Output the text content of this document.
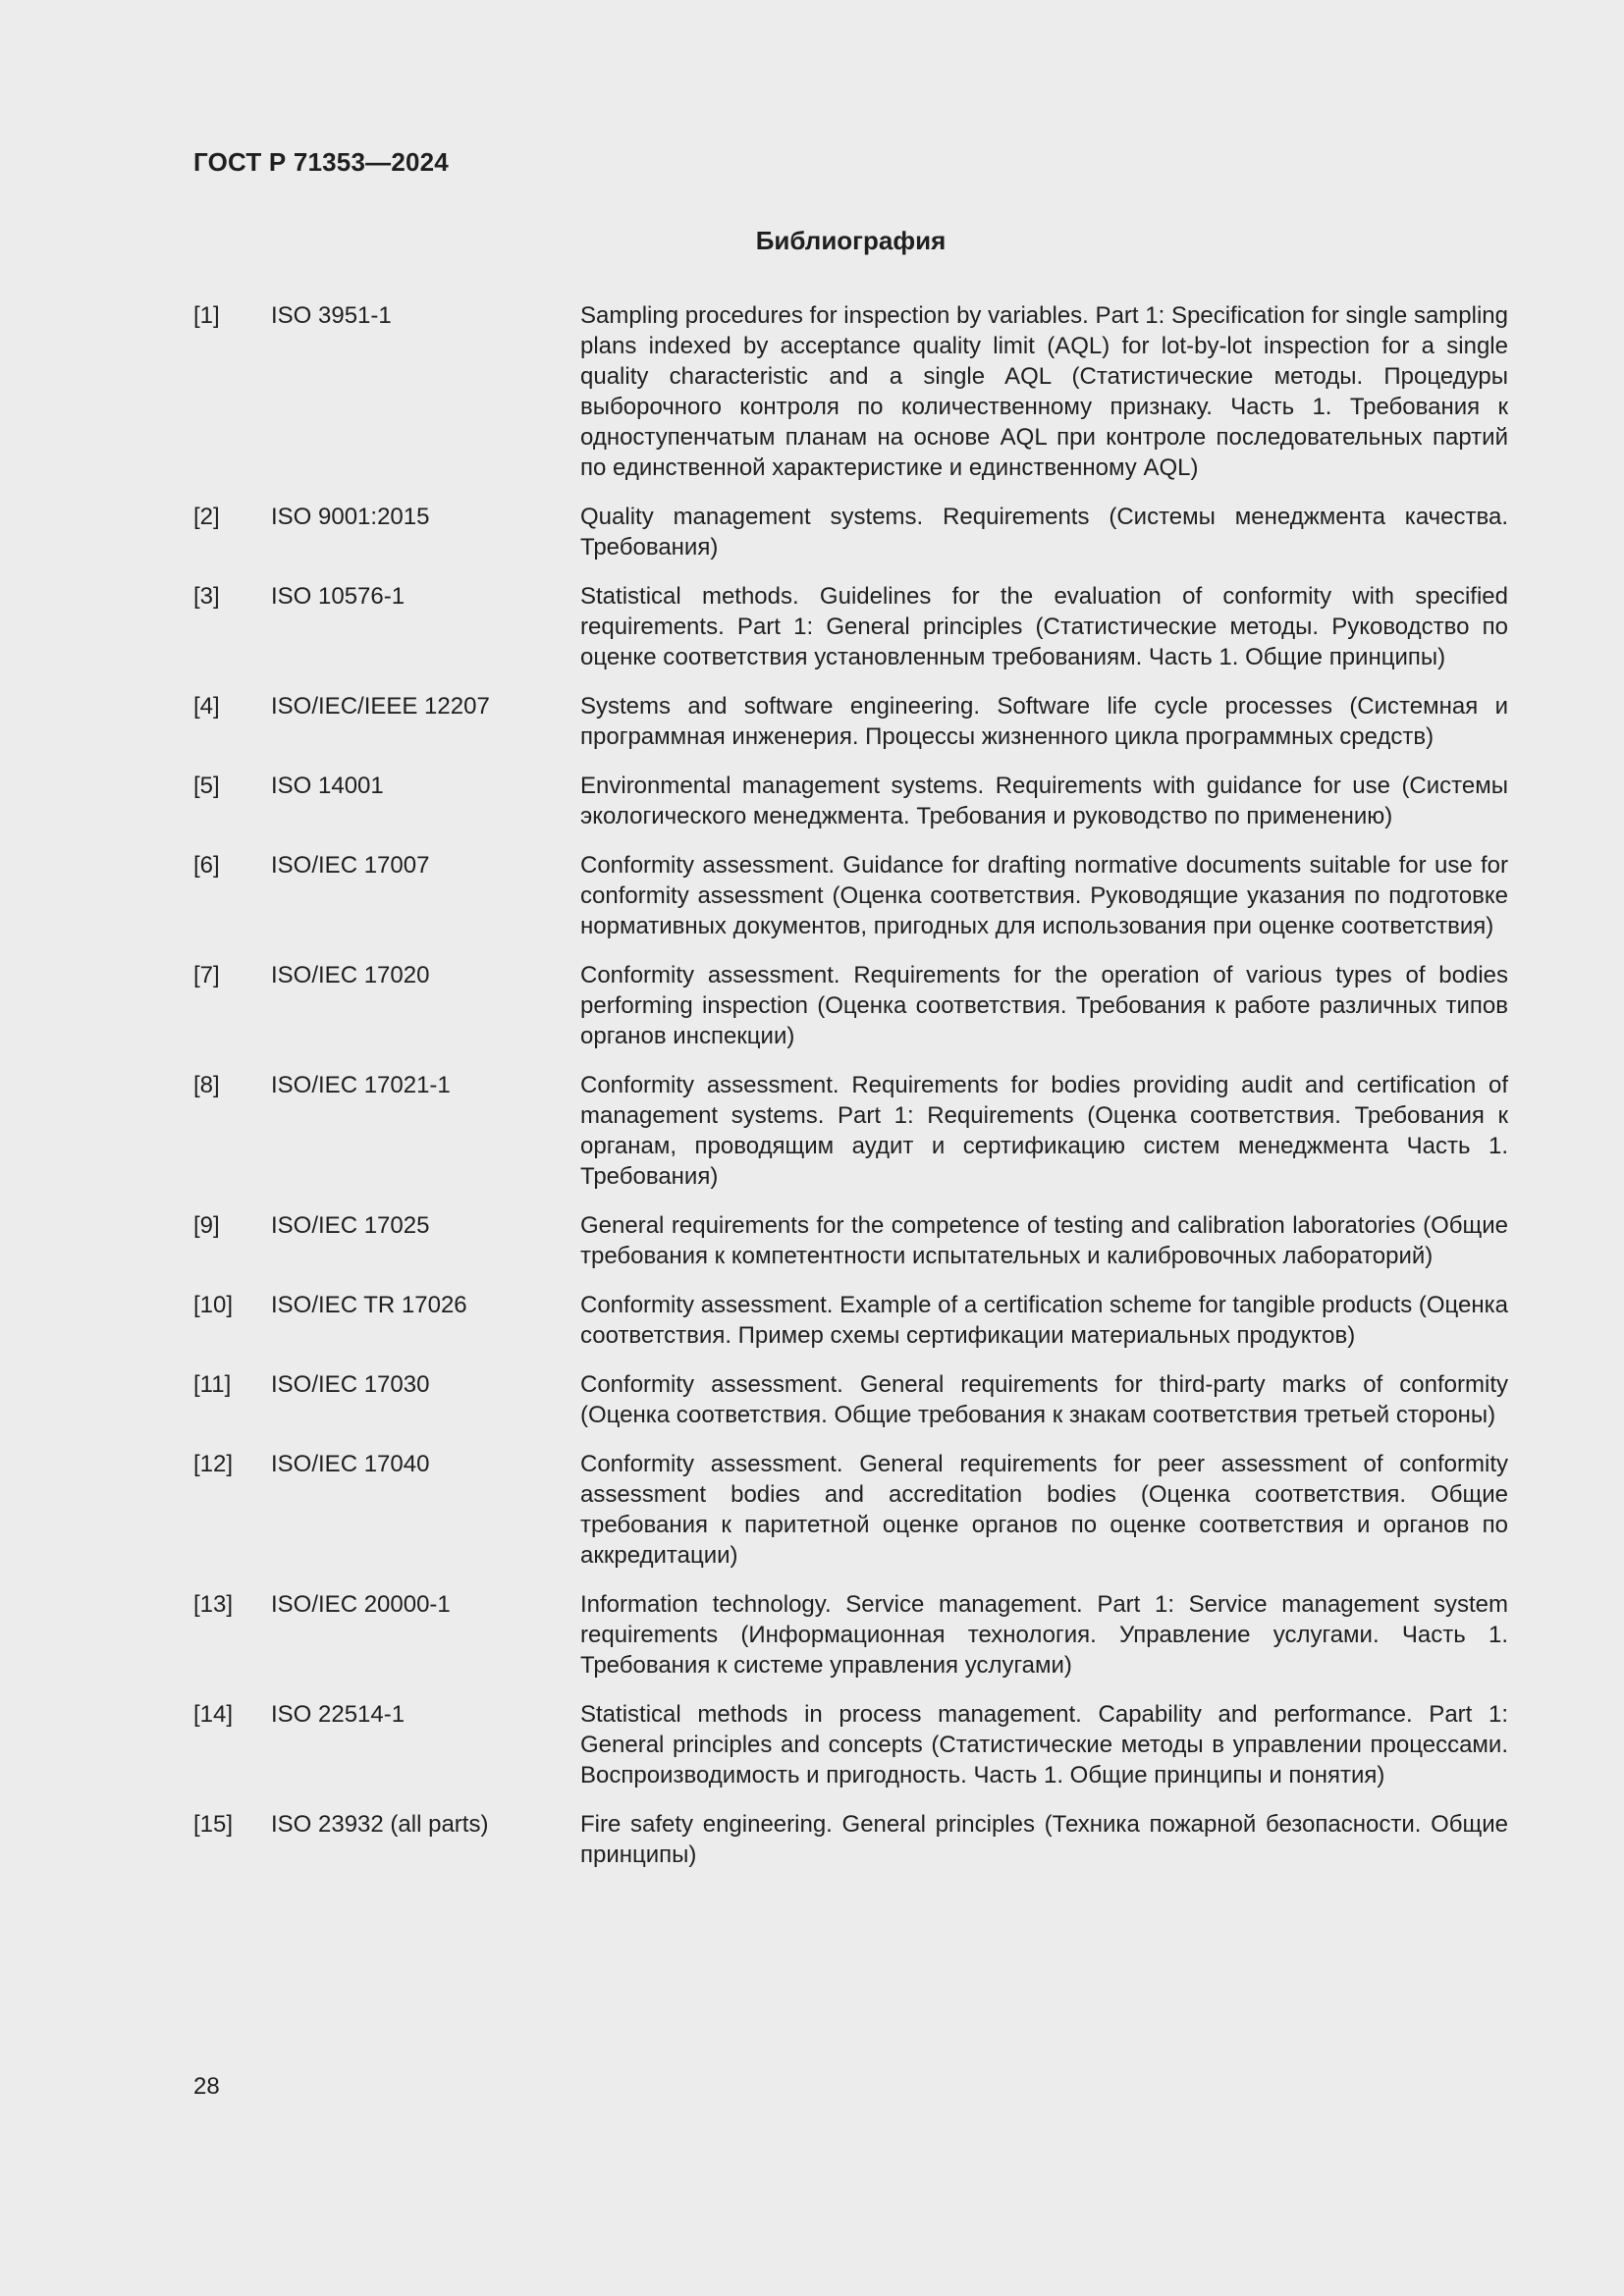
ГОСТ Р 71353—2024
Библиография
[1]	ISO 3951-1	Sampling procedures for inspection by variables. Part 1: Specification for single sampling plans indexed by acceptance quality limit (AQL) for lot-by-lot inspection for a single quality characteristic and a single AQL (Статистические методы. Процедуры выборочного контроля по количественному признаку. Часть 1. Требования к одноступенчатым планам на основе AQL при контроле последовательных партий по единственной характеристике и единственному AQL)
[2]	ISO 9001:2015	Quality management systems. Requirements (Системы менеджмента качества. Требования)
[3]	ISO 10576-1	Statistical methods. Guidelines for the evaluation of conformity with specified requirements. Part 1: General principles (Статистические методы. Руководство по оценке соответствия установленным требованиям. Часть 1. Общие принципы)
[4]	ISO/IEC/IEEE 12207	Systems and software engineering. Software life cycle processes (Системная и программная инженерия. Процессы жизненного цикла программных средств)
[5]	ISO 14001	Environmental management systems. Requirements with guidance for use (Системы экологического менеджмента. Требования и руководство по применению)
[6]	ISO/IEC 17007	Conformity assessment. Guidance for drafting normative documents suitable for use for conformity assessment (Оценка соответствия. Руководящие указания по подготовке нормативных документов, пригодных для использования при оценке соответствия)
[7]	ISO/IEC 17020	Conformity assessment. Requirements for the operation of various types of bodies performing inspection (Оценка соответствия. Требования к работе различных типов органов инспекции)
[8]	ISO/IEC 17021-1	Conformity assessment. Requirements for bodies providing audit and certification of management systems. Part 1: Requirements (Оценка соответствия. Требования к органам, проводящим аудит и сертификацию систем менеджмента Часть 1. Требования)
[9]	ISO/IEC 17025	General requirements for the competence of testing and calibration laboratories (Общие требования к компетентности испытательных и калибровочных лабораторий)
[10]	ISO/IEC TR 17026	Conformity assessment. Example of a certification scheme for tangible products (Оценка соответствия. Пример схемы сертификации материальных продуктов)
[11]	ISO/IEC 17030	Conformity assessment. General requirements for third-party marks of conformity (Оценка соответствия. Общие требования к знакам соответствия третьей стороны)
[12]	ISO/IEC 17040	Conformity assessment. General requirements for peer assessment of conformity assessment bodies and accreditation bodies (Оценка соответствия. Общие требования к паритетной оценке органов по оценке соответствия и органов по аккредитации)
[13]	ISO/IEC 20000-1	Information technology. Service management. Part 1: Service management system requirements (Информационная технология. Управление услугами. Часть 1. Требования к системе управления услугами)
[14]	ISO 22514-1	Statistical methods in process management. Capability and performance. Part 1: General principles and concepts (Статистические методы в управлении процессами. Воспроизводимость и пригодность. Часть 1. Общие принципы и понятия)
[15]	ISO 23932 (all parts)	Fire safety engineering. General principles (Техника пожарной безопасности. Общие принципы)
28
